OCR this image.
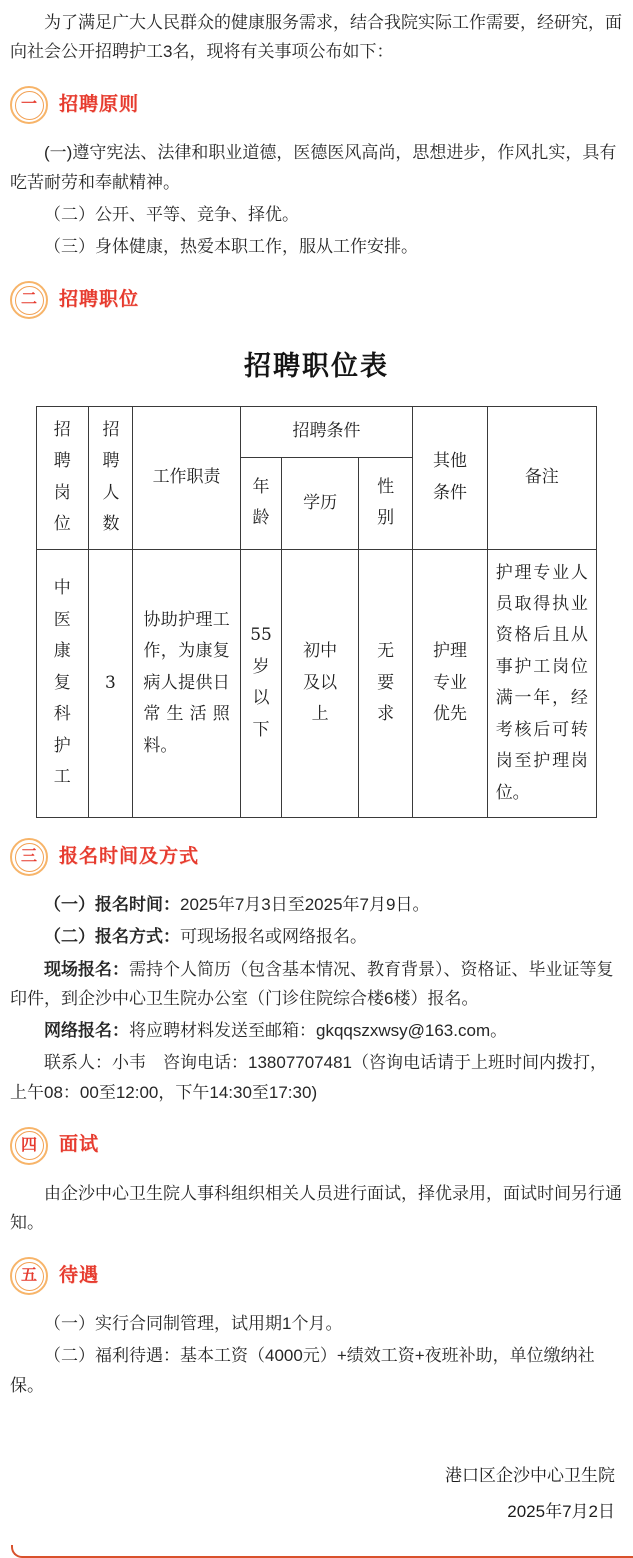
为了满足广大人民群众的健康服务需求，结合我院实际工作需要，经研究，面向社会公开招聘护工3名，现将有关事项公布如下：

一 招聘原则

(一)遵守宪法、法律和职业道德，医德医风高尚，思想进步，作风扎实，具有吃苦耐劳和奉献精神。

（二）公开、平等、竞争、择优。

（三）身体健康，热爱本职工作，服从工作安排。

二 招聘职位
招聘职位表
招聘岗位	招聘人数	工作职责	招聘条件			其他条件	备注
			年龄	学历	性别		
中医康复科护工	3	协助护理工作，为康复病人提供日常生活照料。	55岁以下	初中及以上	无要求	护理专业优先	护理专业人员取得执业资格后且从事护工岗位满一年，经考核后可转岗至护理岗位。
三 报名时间及方式

（一）报名时间：2025年7月3日至2025年7月9日。

（二）报名方式：可现场报名或网络报名。

现场报名：需持个人简历（包含基本情况、教育背景）、资格证、毕业证等复印件，到企沙中心卫生院办公室（门诊住院综合楼6楼）报名。

网络报名：将应聘材料发送至邮箱：gkqqszxwsy@163.com。

联系人：小韦　咨询电话：13807707481（咨询电话请于上班时间内拨打，上午08：00至12:00，下午14:30至17:30)

四 面试

由企沙中心卫生院人事科组织相关人员进行面试，择优录用，面试时间另行通知。

五 待遇

（一）实行合同制管理，试用期1个月。

（二）福利待遇：基本工资（4000元）+绩效工资+夜班补助，单位缴纳社保。

港口区企沙中心卫生院
2025年7月2日
